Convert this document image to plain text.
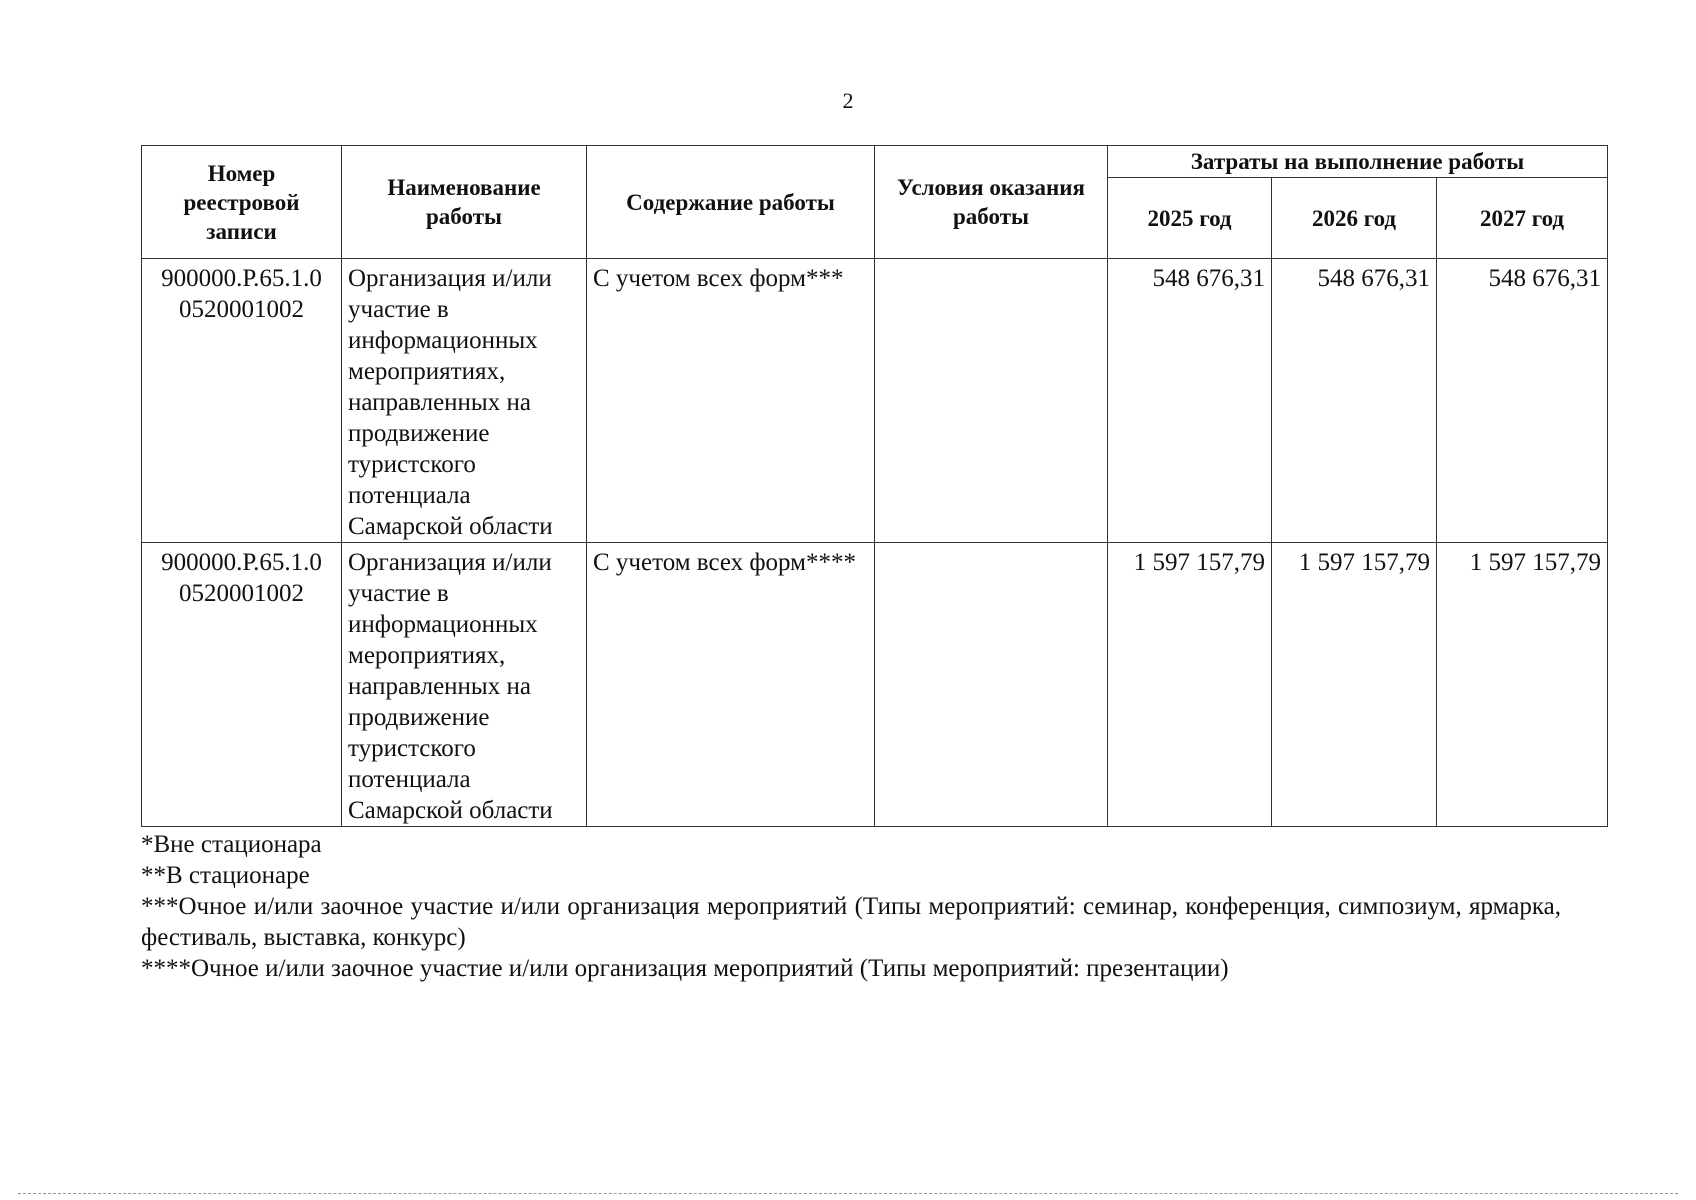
2
Номер реестровой записи	Наименование работы	Содержание работы	Условия оказания работы	Затраты на выполнение работы		
				2025 год	2026 год	2027 год
900000.Р.65.1.0 0520001002	Организация и/или участие в информационных мероприятиях, направленных на продвижение туристского потенциала Самарской области	С учетом всех форм***		548 676,31	548 676,31	548 676,31
900000.Р.65.1.0 0520001002	Организация и/или участие в информационных мероприятиях, направленных на продвижение туристского потенциала Самарской области	С учетом всех форм****		1 597 157,79	1 597 157,79	1 597 157,79

*Вне стационара

**В стационаре

***Очное и/или заочное участие и/или организация мероприятий (Типы мероприятий: семинар, конференция, симпозиум, ярмарка, фестиваль, выставка, конкурс)

****Очное и/или заочное участие и/или организация мероприятий (Типы мероприятий: презентации)
